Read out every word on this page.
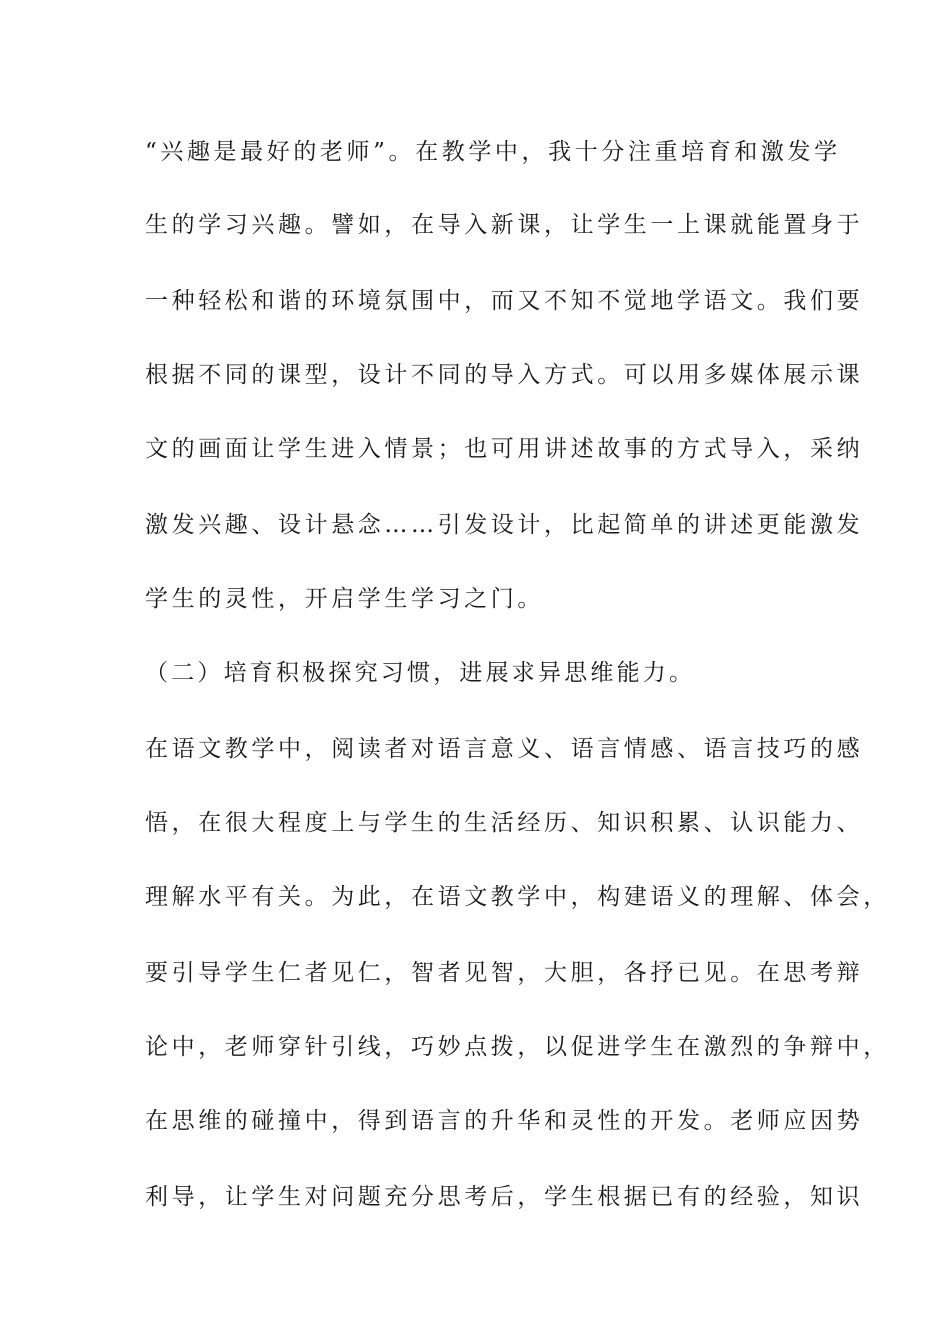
“兴趣是最好的老师”。在教学中，我十分注重培育和激发学
生的学习兴趣。譬如，在导入新课，让学生一上课就能置身于
一种轻松和谐的环境氛围中，而又不知不觉地学语文。我们要
根据不同的课型，设计不同的导入方式。可以用多媒体展示课
文的画面让学生进入情景；也可用讲述故事的方式导入，采纳
激发兴趣、设计悬念……引发设计，比起简单的讲述更能激发
学生的灵性，开启学生学习之门。
（二）培育积极探究习惯，进展求异思维能力。
在语文教学中，阅读者对语言意义、语言情感、语言技巧的感
悟，在很大程度上与学生的生活经历、知识积累、认识能力、
理解水平有关。为此，在语文教学中，构建语义的理解、体会，
要引导学生仁者见仁，智者见智，大胆，各抒已见。在思考辩
论中，老师穿针引线，巧妙点拨，以促进学生在激烈的争辩中，
在思维的碰撞中，得到语言的升华和灵性的开发。老师应因势
利导，让学生对问题充分思考后，学生根据已有的经验，知识
